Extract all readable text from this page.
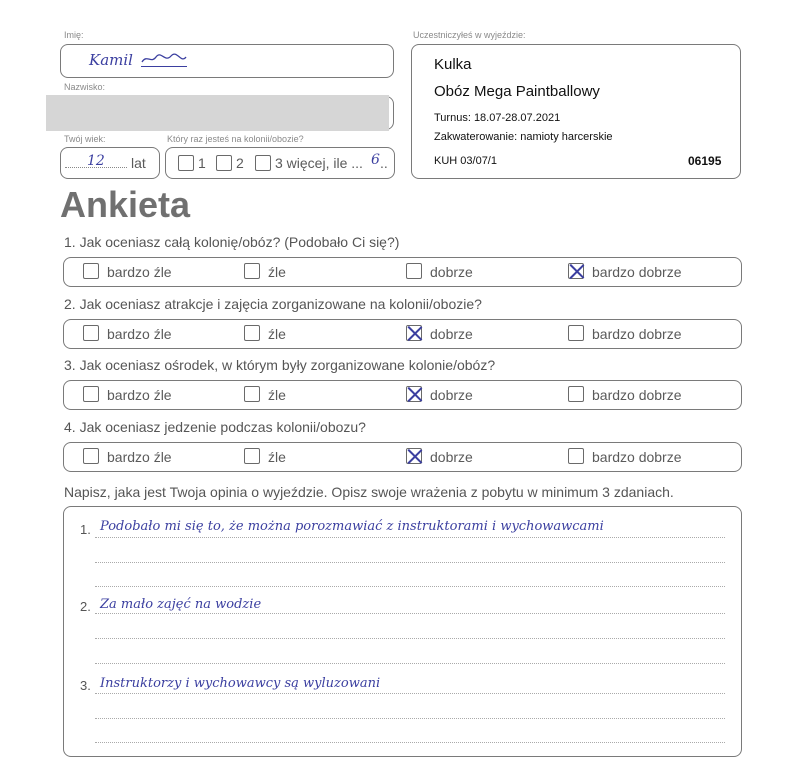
Imię:
Kamil
Nazwisko:
Twój wiek:	Który raz jesteś na kolonii/obozie?
12 lat	1 2 3 więcej, ile ... 6 ..
Uczestniczyłeś w wyjeździe:
Kulka
Obóz Mega Paintballowy
Turnus: 18.07-28.07.2021
Zakwaterowanie: namioty harcerskie
KUH 03/07/1	06195
Ankieta
1. Jak oceniasz całą kolonię/obóz? (Podobało Ci się?)
bardzo źle	źle	dobrze	bardzo dobrze
2. Jak oceniasz atrakcje i zajęcia zorganizowane na kolonii/obozie?
bardzo źle	źle	dobrze	bardzo dobrze
3. Jak oceniasz ośrodek, w którym były zorganizowane kolonie/obóz?
bardzo źle	źle	dobrze	bardzo dobrze
4. Jak oceniasz jedzenie podczas kolonii/obozu?
bardzo źle	źle	dobrze	bardzo dobrze
Napisz, jaka jest Twoja opinia o wyjeździe. Opisz swoje wrażenia z pobytu w minimum 3 zdaniach.
1.
2.
3.
Podobało mi się to, że można porozmawiać z instruktorami i wychowawcami
Za mało zajęć na wodzie
Instruktorzy i wychowawcy są wyluzowani
